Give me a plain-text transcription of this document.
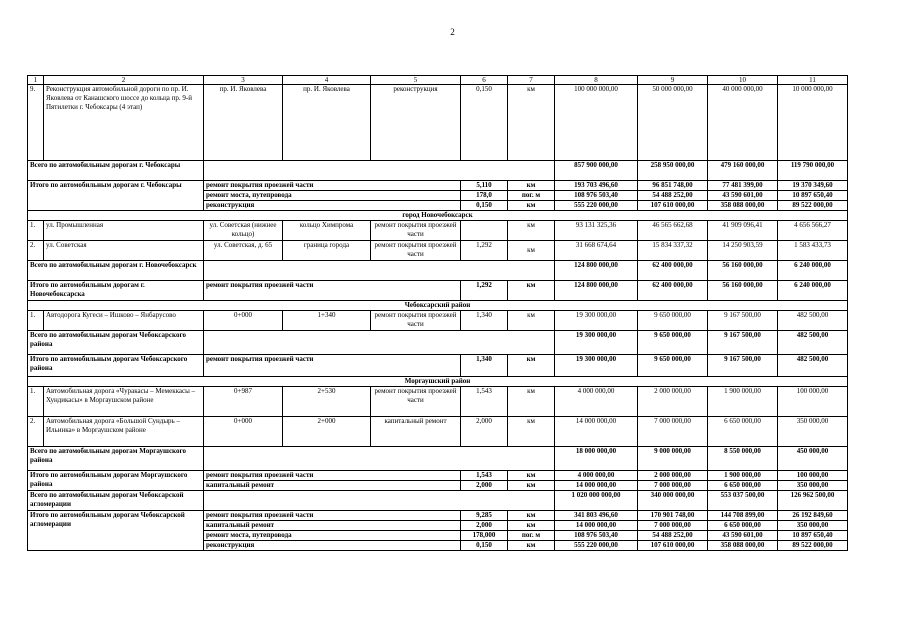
2
1	2	3	4	5	6	7	8	9	10	11
9.	Реконструкция автомобильной дороги по пр. И. Яковлева от Канашского шоссе до кольца пр. 9-й Пятилетки г. Чебоксары (4 этап)	пр. И. Яковлева	пр. И. Яковлева	реконструкция	0,150	км	100 000 000,00	50 000 000,00	40 000 000,00	10 000 000,00
Всего по автомобильным дорогам г. Чебоксары							857 900 000,00	258 950 000,00	479 160 000,00	119 790 000,00
Итого по автомобильным дорогам г. Чебоксары		ремонт покрытия проезжей части			5,110	км	193 703 496,60	96 851 748,00	77 481 399,00	19 370 349,60
		ремонт моста, путепровода			178,0	пог. м	108 976 503,40	54 488 252,00	43 590 601,00	10 897 650,40
		реконструкция			0,150	км	555 220 000,00	107 610 000,00	358 088 000,00	89 522 000,00
город Новочебоксарск										
1.	ул. Промышленная	ул. Советская (нижнее кольцо)	кольцо Химпрома	ремонт покрытия проезжей части		км	93 131 325,36	46 565 662,68	41 909 096,41	4 656 566,27
2.	ул. Советская	ул. Советская, д. 65	граница города	ремонт покрытия проезжей части	1,292	км	31 668 674,64	15 834 337,32	14 250 903,59	1 583 433,73
Всего по автомобильным дорогам г. Новочебоксарск							124 800 000,00	62 400 000,00	56 160 000,00	6 240 000,00
Итого по автомобильным дорогам г. Новочебоксарска		ремонт покрытия проезжей части			1,292	км	124 800 000,00	62 400 000,00	56 160 000,00	6 240 000,00
Чебоксарский район										
1.	Автодорога Кугеси – Ишково – Янбарусово	0+000	1+340	ремонт покрытия проезжей части	1,340	км	19 300 000,00	9 650 000,00	9 167 500,00	482 500,00
Всего по автомобильным дорогам Чебоксарского района							19 300 000,00	9 650 000,00	9 167 500,00	482 500,00
Итого по автомобильным дорогам Чебоксарского района		ремонт покрытия проезжей части			1,340	км	19 300 000,00	9 650 000,00	9 167 500,00	482 500,00
Моргаушский район										
1.	Автомобильная дорога «Чуракасы – Мемеккасы – Хундикасы» в Моргаушском районе	0+987	2+530	ремонт покрытия проезжей части	1,543	км	4 000 000,00	2 000 000,00	1 900 000,00	100 000,00
2.	Автомобильная дорога «Большой Сундырь – Ильинка» в Моргаушском районе	0+000	2+000	капитальный ремонт	2,000	км	14 000 000,00	7 000 000,00	6 650 000,00	350 000,00
Всего по автомобильным дорогам Моргаушского района							18 000 000,00	9 000 000,00	8 550 000,00	450 000,00
Итого по автомобильным дорогам Моргаушского района		ремонт покрытия проезжей части			1,543	км	4 000 000,00	2 000 000,00	1 900 000,00	100 000,00
		капитальный ремонт			2,000	км	14 000 000,00	7 000 000,00	6 650 000,00	350 000,00
Всего по автомобильным дорогам Чебоксарской агломерации							1 020 000 000,00	340 000 000,00	553 037 500,00	126 962 500,00
Итого по автомобильным дорогам Чебоксарской агломерации		ремонт покрытия проезжей части			9,285	км	341 803 496,60	170 901 748,00	144 708 899,00	26 192 849,60
		капитальный ремонт			2,000	км	14 000 000,00	7 000 000,00	6 650 000,00	350 000,00
		ремонт моста, путепровода			178,000	пог. м	108 976 503,40	54 488 252,00	43 590 601,00	10 897 650,40
		реконструкция			0,150	км	555 220 000,00	107 610 000,00	358 088 000,00	89 522 000,00
